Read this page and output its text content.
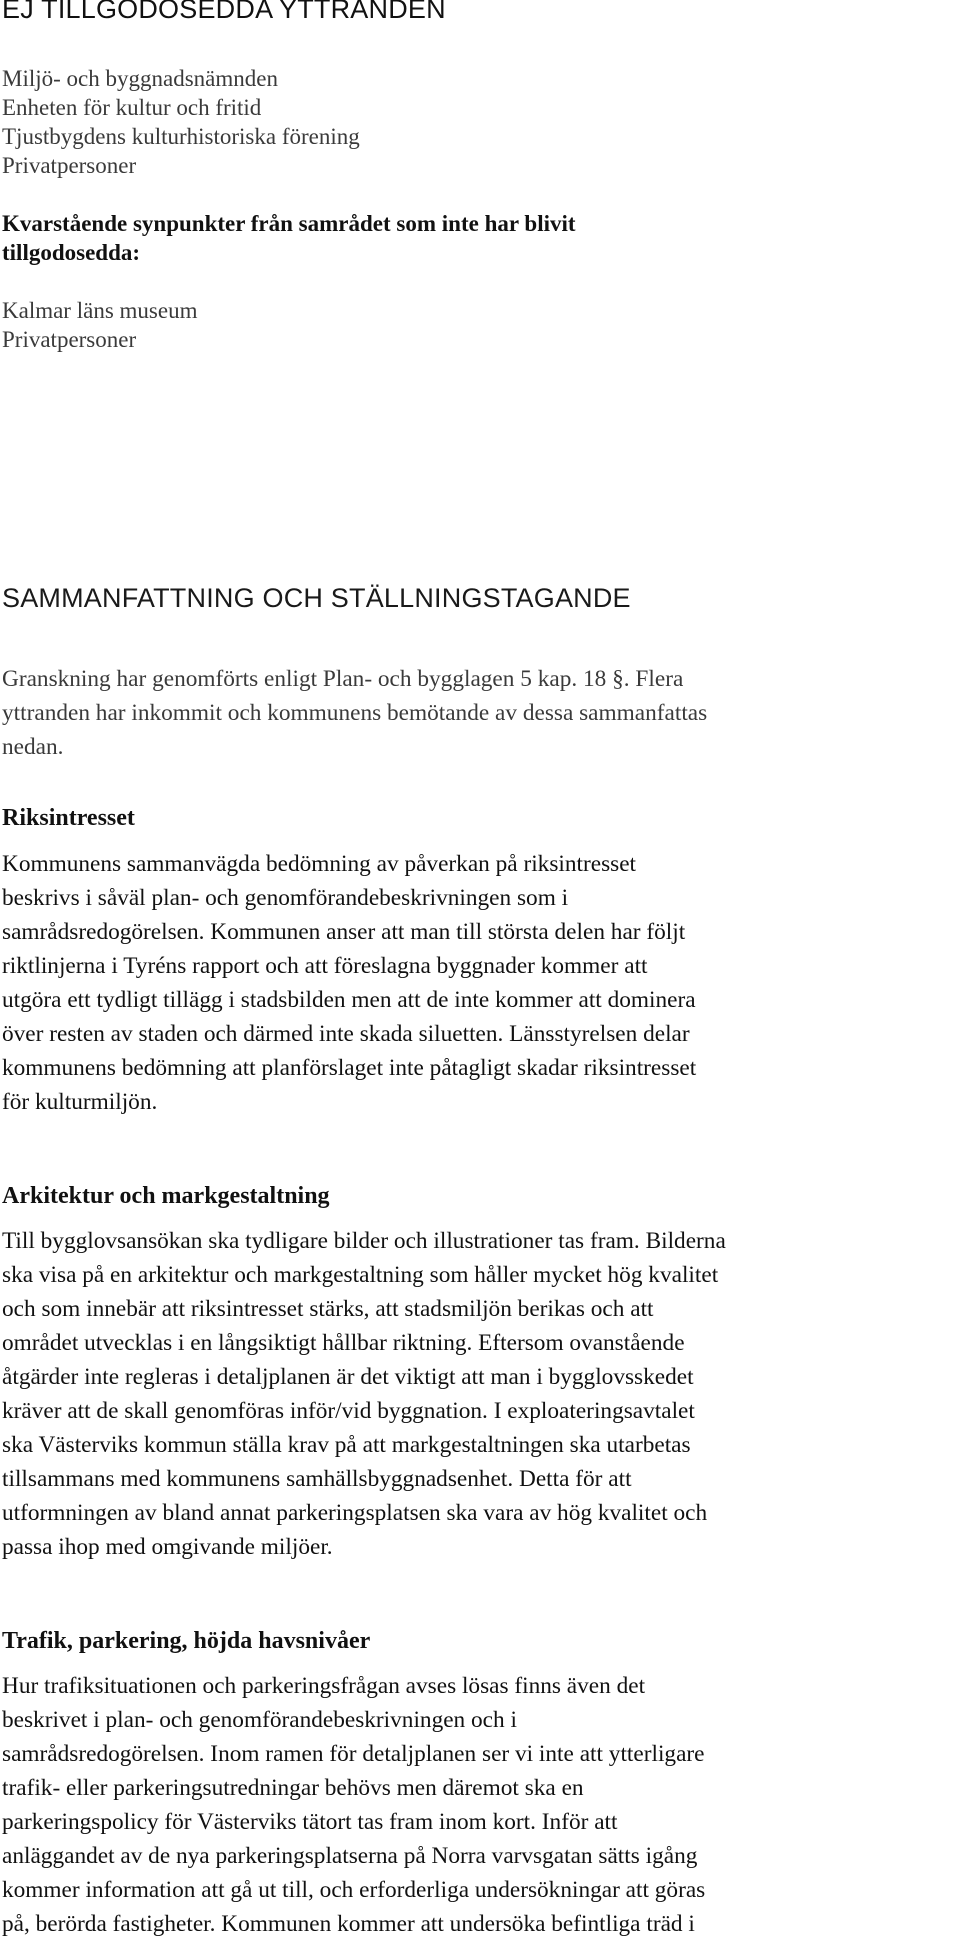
EJ TILLGODOSEDDA YTTRANDEN

Miljö- och byggnadsnämnden

Enheten för kultur och fritid

Tjustbygdens kulturhistoriska förening

Privatpersoner

Kvarstående synpunkter från samrådet som inte har blivit

tillgodosedda:

Kalmar läns museum

Privatpersoner

SAMMANFATTNING OCH STÄLLNINGSTAGANDE
Granskning har genomförts enligt Plan- och bygglagen 5 kap. 18 §. Flera
yttranden har inkommit och kommunens bemötande av dessa sammanfattas
nedan.
Riksintresset
Kommunens sammanvägda bedömning av påverkan på riksintresset
beskrivs i såväl plan- och genomförandebeskrivningen som i
samrådsredogörelsen. Kommunen anser att man till största delen har följt
riktlinjerna i Tyréns rapport och att föreslagna byggnader kommer att
utgöra ett tydligt tillägg i stadsbilden men att de inte kommer att dominera
över resten av staden och därmed inte skada siluetten. Länsstyrelsen delar
kommunens bedömning att planförslaget inte påtagligt skadar riksintresset
för kulturmiljön.
Arkitektur och markgestaltning
Till bygglovsansökan ska tydligare bilder och illustrationer tas fram. Bilderna
ska visa på en arkitektur och markgestaltning som håller mycket hög kvalitet
och som innebär att riksintresset stärks, att stadsmiljön berikas och att
området utvecklas i en långsiktigt hållbar riktning. Eftersom ovanstående
åtgärder inte regleras i detaljplanen är det viktigt att man i bygglovsskedet
kräver att de skall genomföras inför/vid byggnation. I exploateringsavtalet
ska Västerviks kommun ställa krav på att markgestaltningen ska utarbetas
tillsammans med kommunens samhällsbyggnadsenhet. Detta för att
utformningen av bland annat parkeringsplatsen ska vara av hög kvalitet och
passa ihop med omgivande miljöer.
Trafik, parkering, höjda havsnivåer
Hur trafiksituationen och parkeringsfrågan avses lösas finns även det
beskrivet i plan- och genomförandebeskrivningen och i
samrådsredogörelsen. Inom ramen för detaljplanen ser vi inte att ytterligare
trafik- eller parkeringsutredningar behövs men däremot ska en
parkeringspolicy för Västerviks tätort tas fram inom kort. Inför att
anläggandet av de nya parkeringsplatserna på Norra varvsgatan sätts igång
kommer information att gå ut till, och erforderliga undersökningar att göras
på, berörda fastigheter. Kommunen kommer att undersöka befintliga träd i
